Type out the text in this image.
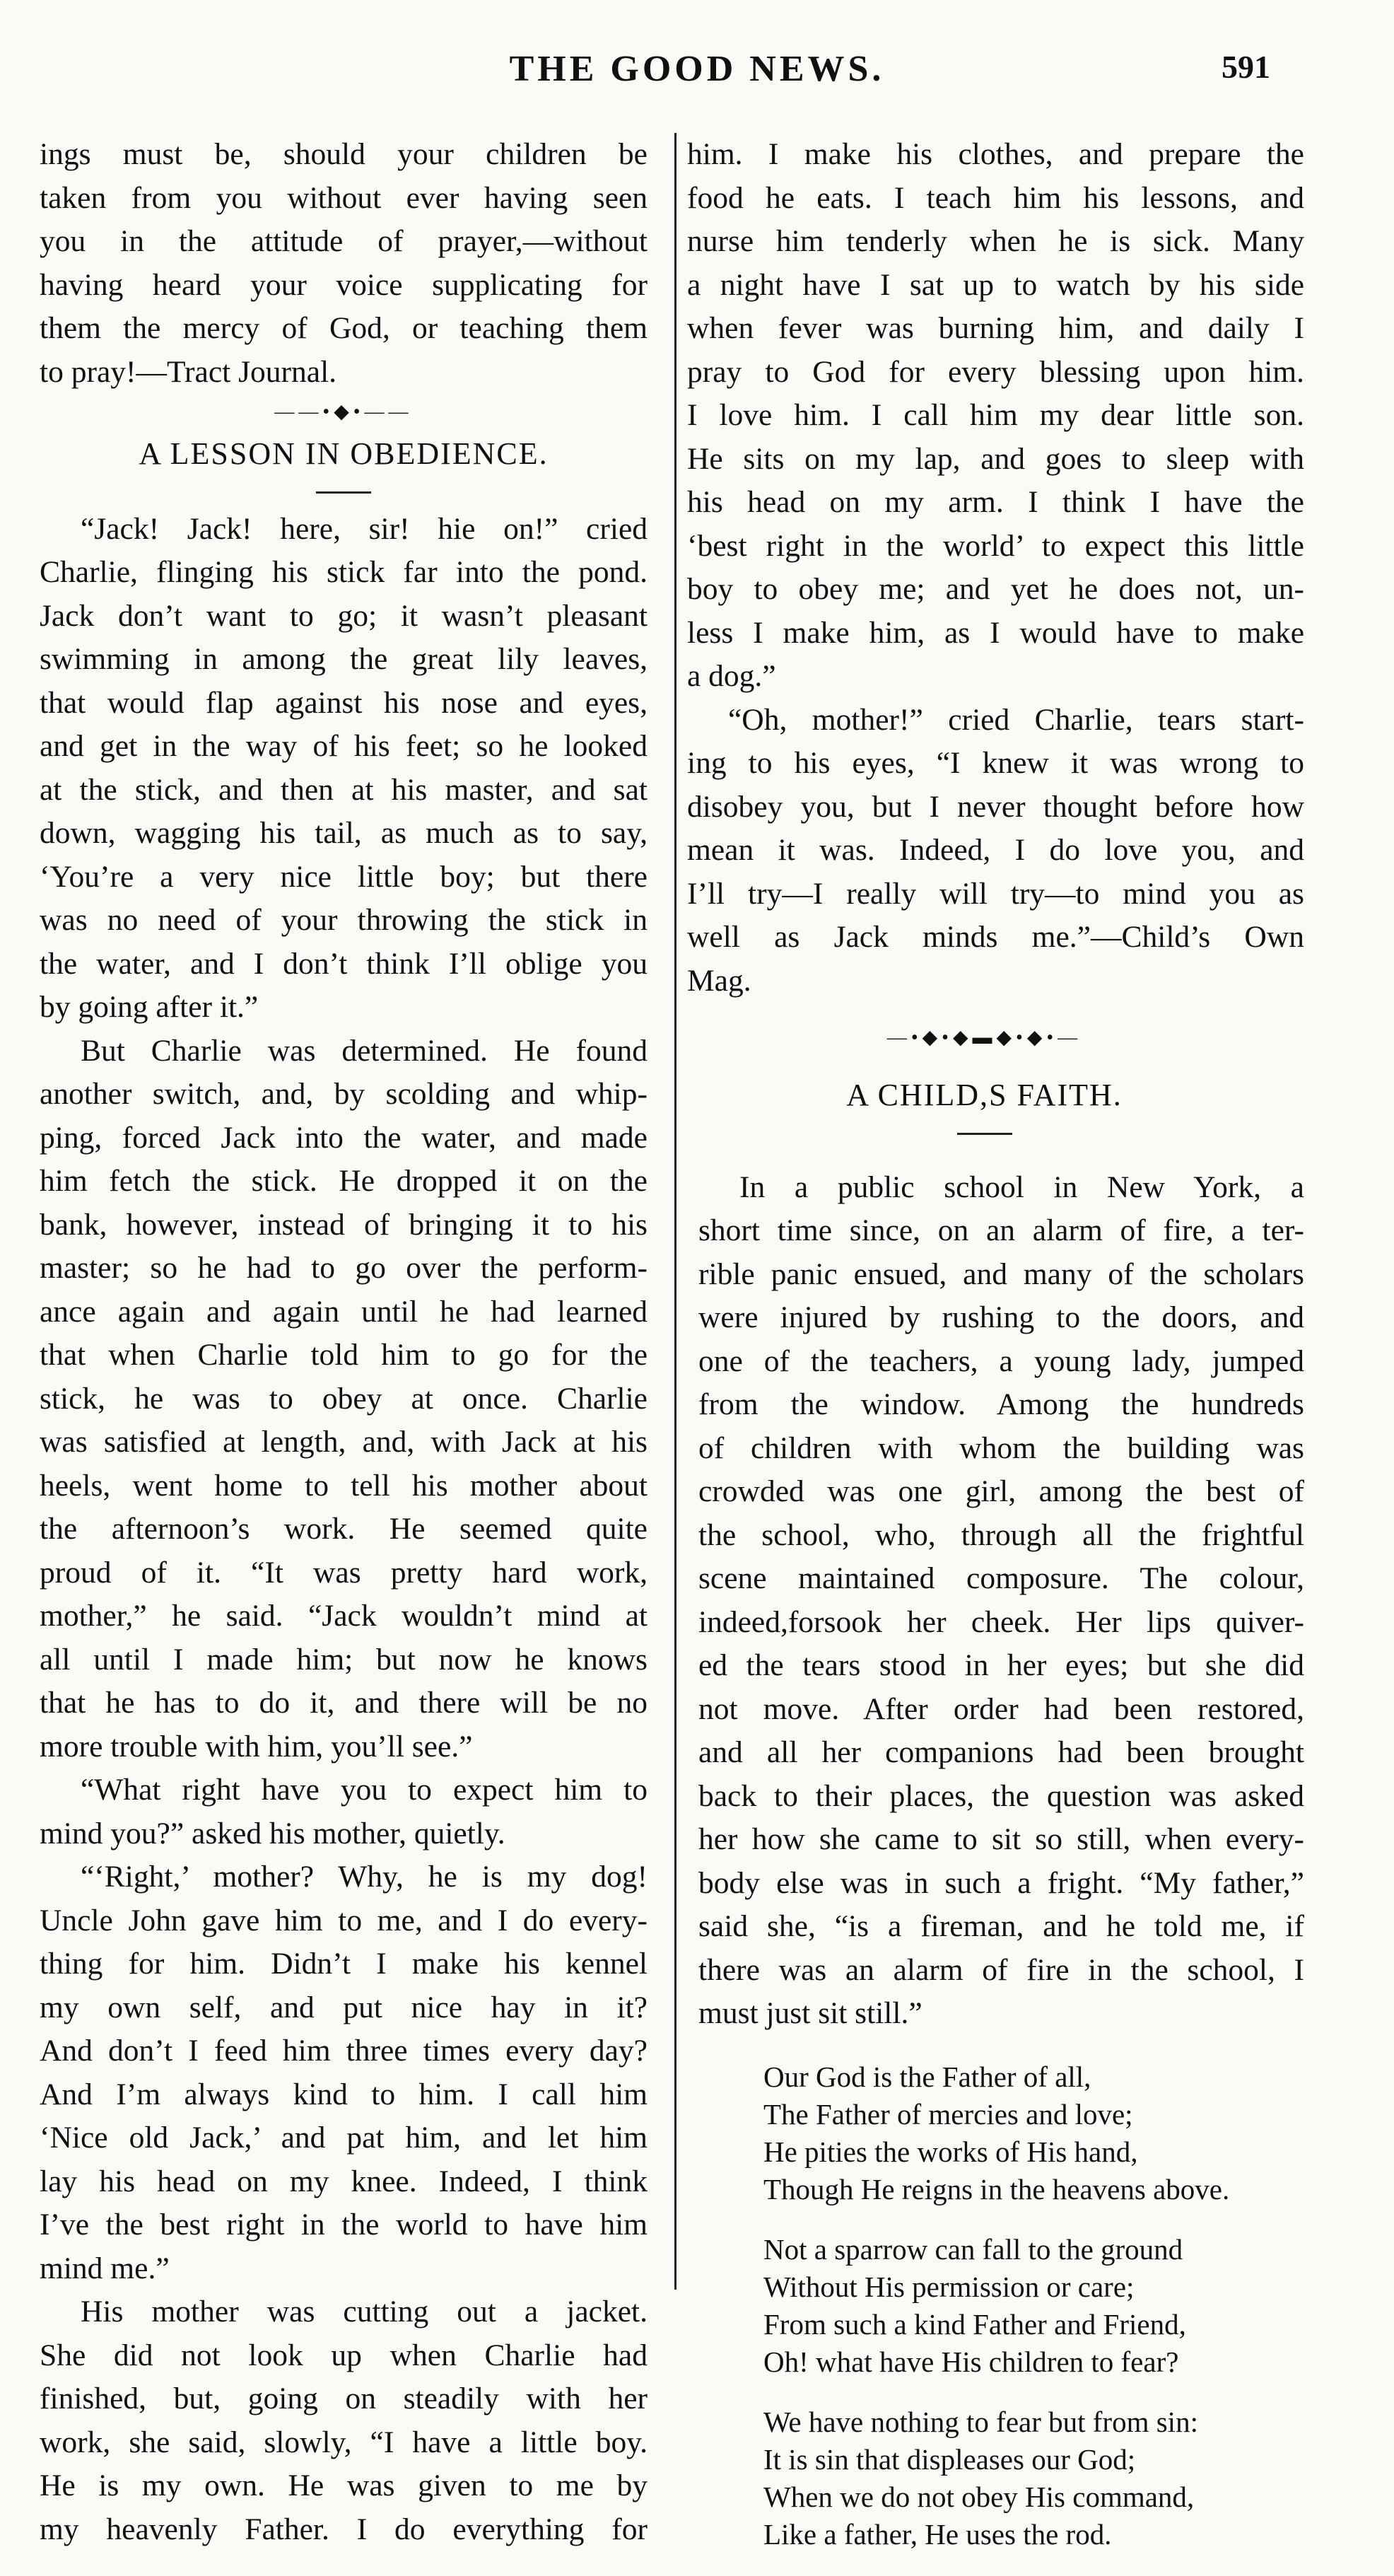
THE GOOD NEWS.	591
ings must be, should your children be
taken from you without ever having seen
you in the attitude of prayer,—without
having heard your voice supplicating for
them the mercy of God, or teaching them
to pray!—Tract Journal.
——•◆•——
A LESSON IN OBEDIENCE.
“Jack! Jack! here, sir! hie on!” cried
Charlie, flinging his stick far into the pond.
Jack don’t want to go; it wasn’t pleasant
swimming in among the great lily leaves,
that would flap against his nose and eyes,
and get in the way of his feet; so he looked
at the stick, and then at his master, and sat
down, wagging his tail, as much as to say,
‘You’re a very nice little boy; but there
was no need of your throwing the stick in
the water, and I don’t think I’ll oblige you
by going after it.”
But Charlie was determined. He found
another switch, and, by scolding and whip-
ping, forced Jack into the water, and made
him fetch the stick. He dropped it on the
bank, however, instead of bringing it to his
master; so he had to go over the perform-
ance again and again until he had learned
that when Charlie told him to go for the
stick, he was to obey at once. Charlie
was satisfied at length, and, with Jack at his
heels, went home to tell his mother about
the afternoon’s work. He seemed quite
proud of it. “It was pretty hard work,
mother,” he said. “Jack wouldn’t mind at
all until I made him; but now he knows
that he has to do it, and there will be no
more trouble with him, you’ll see.”
“What right have you to expect him to
mind you?” asked his mother, quietly.
“‘Right,’ mother? Why, he is my dog!
Uncle John gave him to me, and I do every-
thing for him. Didn’t I make his kennel
my own self, and put nice hay in it?
And don’t I feed him three times every day?
And I’m always kind to him. I call him
‘Nice old Jack,’ and pat him, and let him
lay his head on my knee. Indeed, I think
I’ve the best right in the world to have him
mind me.”
His mother was cutting out a jacket.
She did not look up when Charlie had
finished, but, going on steadily with her
work, she said, slowly, “I have a little boy.
He is my own. He was given to me by
my heavenly Father. I do everything for
him. I make his clothes, and prepare the
food he eats. I teach him his lessons, and
nurse him tenderly when he is sick. Many
a night have I sat up to watch by his side
when fever was burning him, and daily I
pray to God for every blessing upon him.
I love him. I call him my dear little son.
He sits on my lap, and goes to sleep with
his head on my arm. I think I have the
‘best right in the world’ to expect this little
boy to obey me; and yet he does not, un-
less I make him, as I would have to make
a dog.”
“Oh, mother!” cried Charlie, tears start-
ing to his eyes, “I knew it was wrong to
disobey you, but I never thought before how
mean it was. Indeed, I do love you, and
I’ll try—I really will try—to mind you as
well as Jack minds me.”—Child’s Own
Mag.
—•◆•◆▬◆•◆•—
A CHILD,S FAITH.
In a public school in New York, a
short time since, on an alarm of fire, a ter-
rible panic ensued, and many of the scholars
were injured by rushing to the doors, and
one of the teachers, a young lady, jumped
from the window. Among the hundreds
of children with whom the building was
crowded was one girl, among the best of
the school, who, through all the frightful
scene maintained composure. The colour,
indeed,forsook her cheek. Her lips quiver-
ed the tears stood in her eyes; but she did
not move. After order had been restored,
and all her companions had been brought
back to their places, the question was asked
her how she came to sit so still, when every-
body else was in such a fright. “My father,”
said she, “is a fireman, and he told me, if
there was an alarm of fire in the school, I
must just sit still.”
Our God is the Father of all,
The Father of mercies and love;
He pities the works of His hand,
Though He reigns in the heavens above.
Not a sparrow can fall to the ground
Without His permission or care;
From such a kind Father and Friend,
Oh! what have His children to fear?
We have nothing to fear but from sin:
It is sin that displeases our God;
When we do not obey His command,
Like a father, He uses the rod.
